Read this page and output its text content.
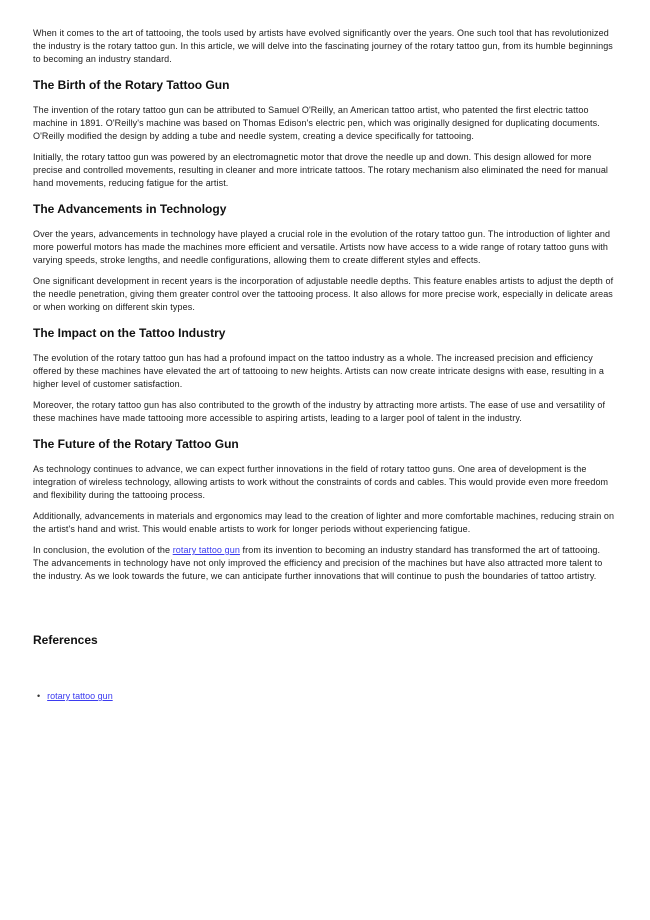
When it comes to the art of tattooing, the tools used by artists have evolved significantly over the years. One such tool that has revolutionized the industry is the rotary tattoo gun. In this article, we will delve into the fascinating journey of the rotary tattoo gun, from its humble beginnings to becoming an industry standard.

The Birth of the Rotary Tattoo Gun

The invention of the rotary tattoo gun can be attributed to Samuel O'Reilly, an American tattoo artist, who patented the first electric tattoo machine in 1891. O'Reilly's machine was based on Thomas Edison's electric pen, which was originally designed for duplicating documents. O'Reilly modified the design by adding a tube and needle system, creating a device specifically for tattooing.

Initially, the rotary tattoo gun was powered by an electromagnetic motor that drove the needle up and down. This design allowed for more precise and controlled movements, resulting in cleaner and more intricate tattoos. The rotary mechanism also eliminated the need for manual hand movements, reducing fatigue for the artist.

The Advancements in Technology

Over the years, advancements in technology have played a crucial role in the evolution of the rotary tattoo gun. The introduction of lighter and more powerful motors has made the machines more efficient and versatile. Artists now have access to a wide range of rotary tattoo guns with varying speeds, stroke lengths, and needle configurations, allowing them to create different styles and effects.

One significant development in recent years is the incorporation of adjustable needle depths. This feature enables artists to adjust the depth of the needle penetration, giving them greater control over the tattooing process. It also allows for more precise work, especially in delicate areas or when working on different skin types.

The Impact on the Tattoo Industry

The evolution of the rotary tattoo gun has had a profound impact on the tattoo industry as a whole. The increased precision and efficiency offered by these machines have elevated the art of tattooing to new heights. Artists can now create intricate designs with ease, resulting in a higher level of customer satisfaction.

Moreover, the rotary tattoo gun has also contributed to the growth of the industry by attracting more artists. The ease of use and versatility of these machines have made tattooing more accessible to aspiring artists, leading to a larger pool of talent in the industry.

The Future of the Rotary Tattoo Gun

As technology continues to advance, we can expect further innovations in the field of rotary tattoo guns. One area of development is the integration of wireless technology, allowing artists to work without the constraints of cords and cables. This would provide even more freedom and flexibility during the tattooing process.

Additionally, advancements in materials and ergonomics may lead to the creation of lighter and more comfortable machines, reducing strain on the artist's hand and wrist. This would enable artists to work for longer periods without experiencing fatigue.

In conclusion, the evolution of the rotary tattoo gun from its invention to becoming an industry standard has transformed the art of tattooing. The advancements in technology have not only improved the efficiency and precision of the machines but have also attracted more talent to the industry. As we look towards the future, we can anticipate further innovations that will continue to push the boundaries of tattoo artistry.

References
• rotary tattoo gun
